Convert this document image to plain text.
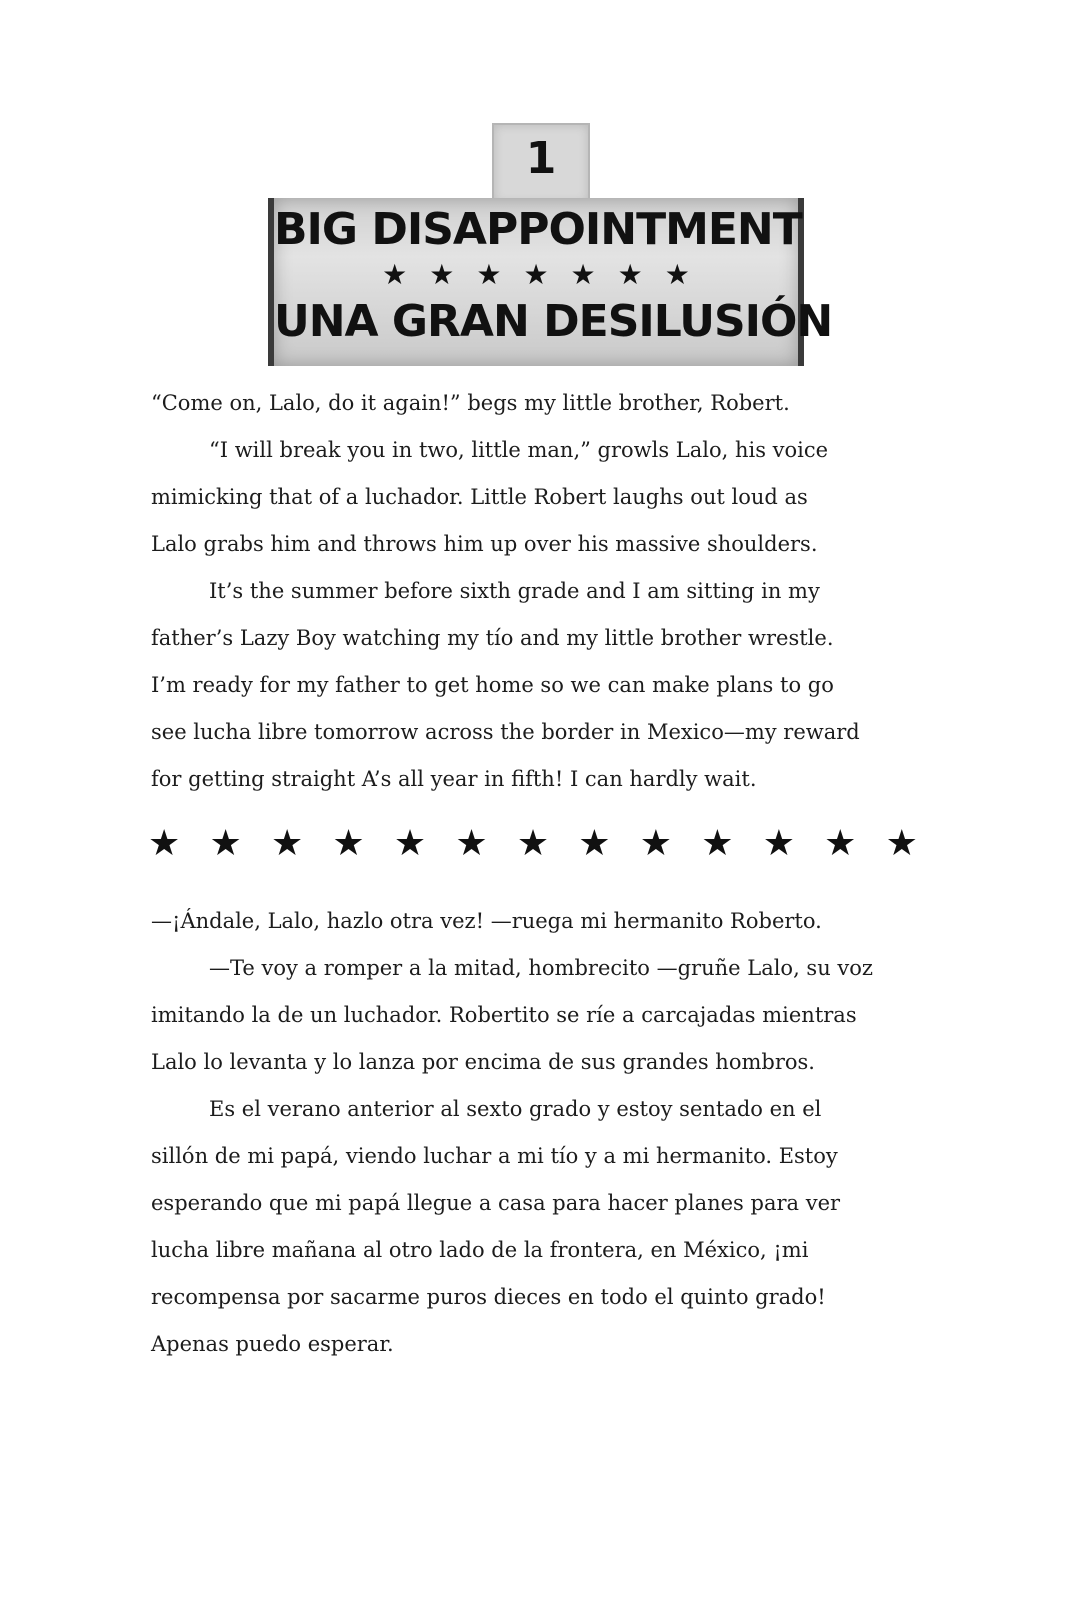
1
BIG DISAPPOINTMENT
★★★★★★★
UNA GRAN DESILUSIÓN
“Come on, Lalo, do it again!” begs my little brother, Robert.
“I will break you in two, little man,” growls Lalo, his voice
mimicking that of a luchador. Little Robert laughs out loud as
Lalo grabs him and throws him up over his massive shoulders.
It’s the summer before sixth grade and I am sitting in my
father’s Lazy Boy watching my tío and my little brother wrestle.
I’m ready for my father to get home so we can make plans to go
see lucha libre tomorrow across the border in Mexico—my reward
for getting straight A’s all year in fifth! I can hardly wait.
★ ★ ★ ★ ★ ★ ★ ★ ★ ★ ★ ★ ★
—¡Ándale, Lalo, hazlo otra vez! —ruega mi hermanito Roberto.
—Te voy a romper a la mitad, hombrecito —gruñe Lalo, su voz
imitando la de un luchador. Robertito se ríe a carcajadas mientras
Lalo lo levanta y lo lanza por encima de sus grandes hombros.
Es el verano anterior al sexto grado y estoy sentado en el
sillón de mi papá, viendo luchar a mi tío y a mi hermanito. Estoy
esperando que mi papá llegue a casa para hacer planes para ver
lucha libre mañana al otro lado de la frontera, en México, ¡mi
recompensa por sacarme puros dieces en todo el quinto grado!
Apenas puedo esperar.
